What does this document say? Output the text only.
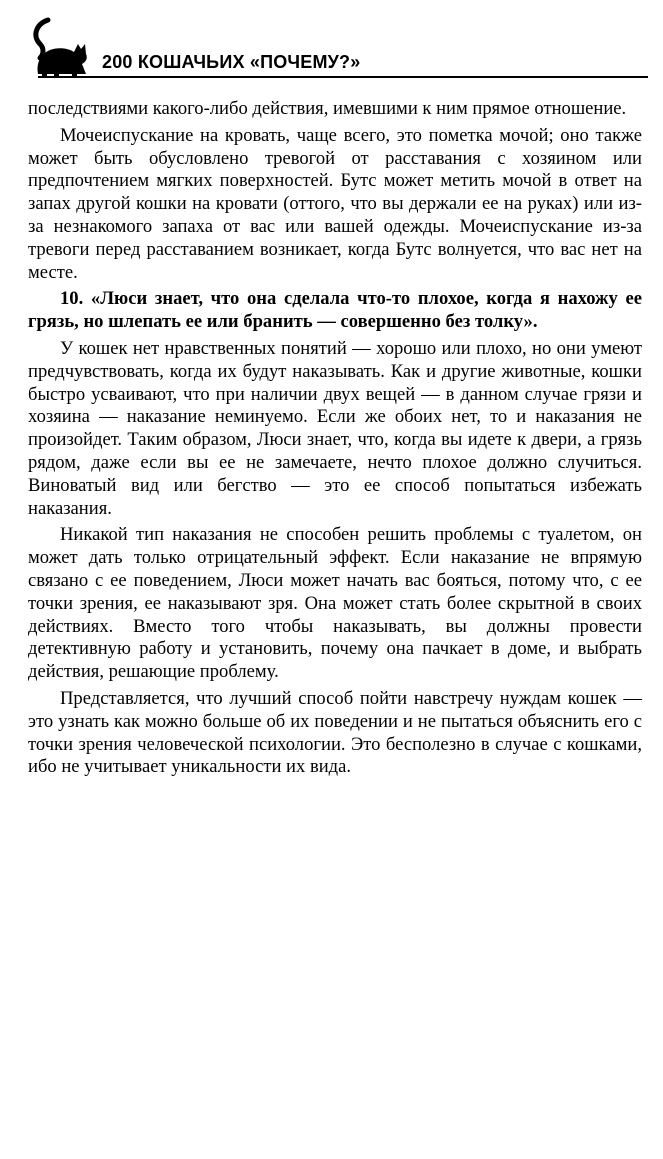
200 КОШАЧЬИХ «ПОЧЕМУ?»

последствиями какого-либо действия, имевшими к ним прямое отношение.

Мочеиспускание на кровать, чаще всего, это пометка мочой; оно также может быть обусловлено тревогой от расставания с хозяином или предпочтением мягких поверхностей. Бутс может метить мочой в ответ на запах другой кошки на кровати (оттого, что вы держали ее на руках) или из-за незнакомого запаха от вас или вашей одежды. Мочеиспускание из-за тревоги перед расставанием возникает, когда Бутс волнуется, что вас нет на месте.

10. «Люси знает, что она сделала что-то плохое, когда я нахожу ее грязь, но шлепать ее или бранить — совершенно без толку».

У кошек нет нравственных понятий — хорошо или плохо, но они умеют предчувствовать, когда их будут наказывать. Как и другие животные, кошки быстро усваивают, что при наличии двух вещей — в данном случае грязи и хозяина — наказание неминуемо. Если же обоих нет, то и наказания не произойдет. Таким образом, Люси знает, что, когда вы идете к двери, а грязь рядом, даже если вы ее не замечаете, нечто плохое должно случиться. Виноватый вид или бегство — это ее способ попытаться избежать наказания.

Никакой тип наказания не способен решить проблемы с туалетом, он может дать только отрицательный эффект. Если наказание не впрямую связано с ее поведением, Люси может начать вас бояться, потому что, с ее точки зрения, ее наказывают зря. Она может стать более скрытной в своих действиях. Вместо того чтобы наказывать, вы должны провести детективную работу и установить, почему она пачкает в доме, и выбрать действия, решающие проблему.

Представляется, что лучший способ пойти навстречу нуждам кошек — это узнать как можно больше об их поведении и не пытаться объяснить его с точки зрения человеческой психологии. Это бесполезно в случае с кошками, ибо не учитывает уникальности их вида.
